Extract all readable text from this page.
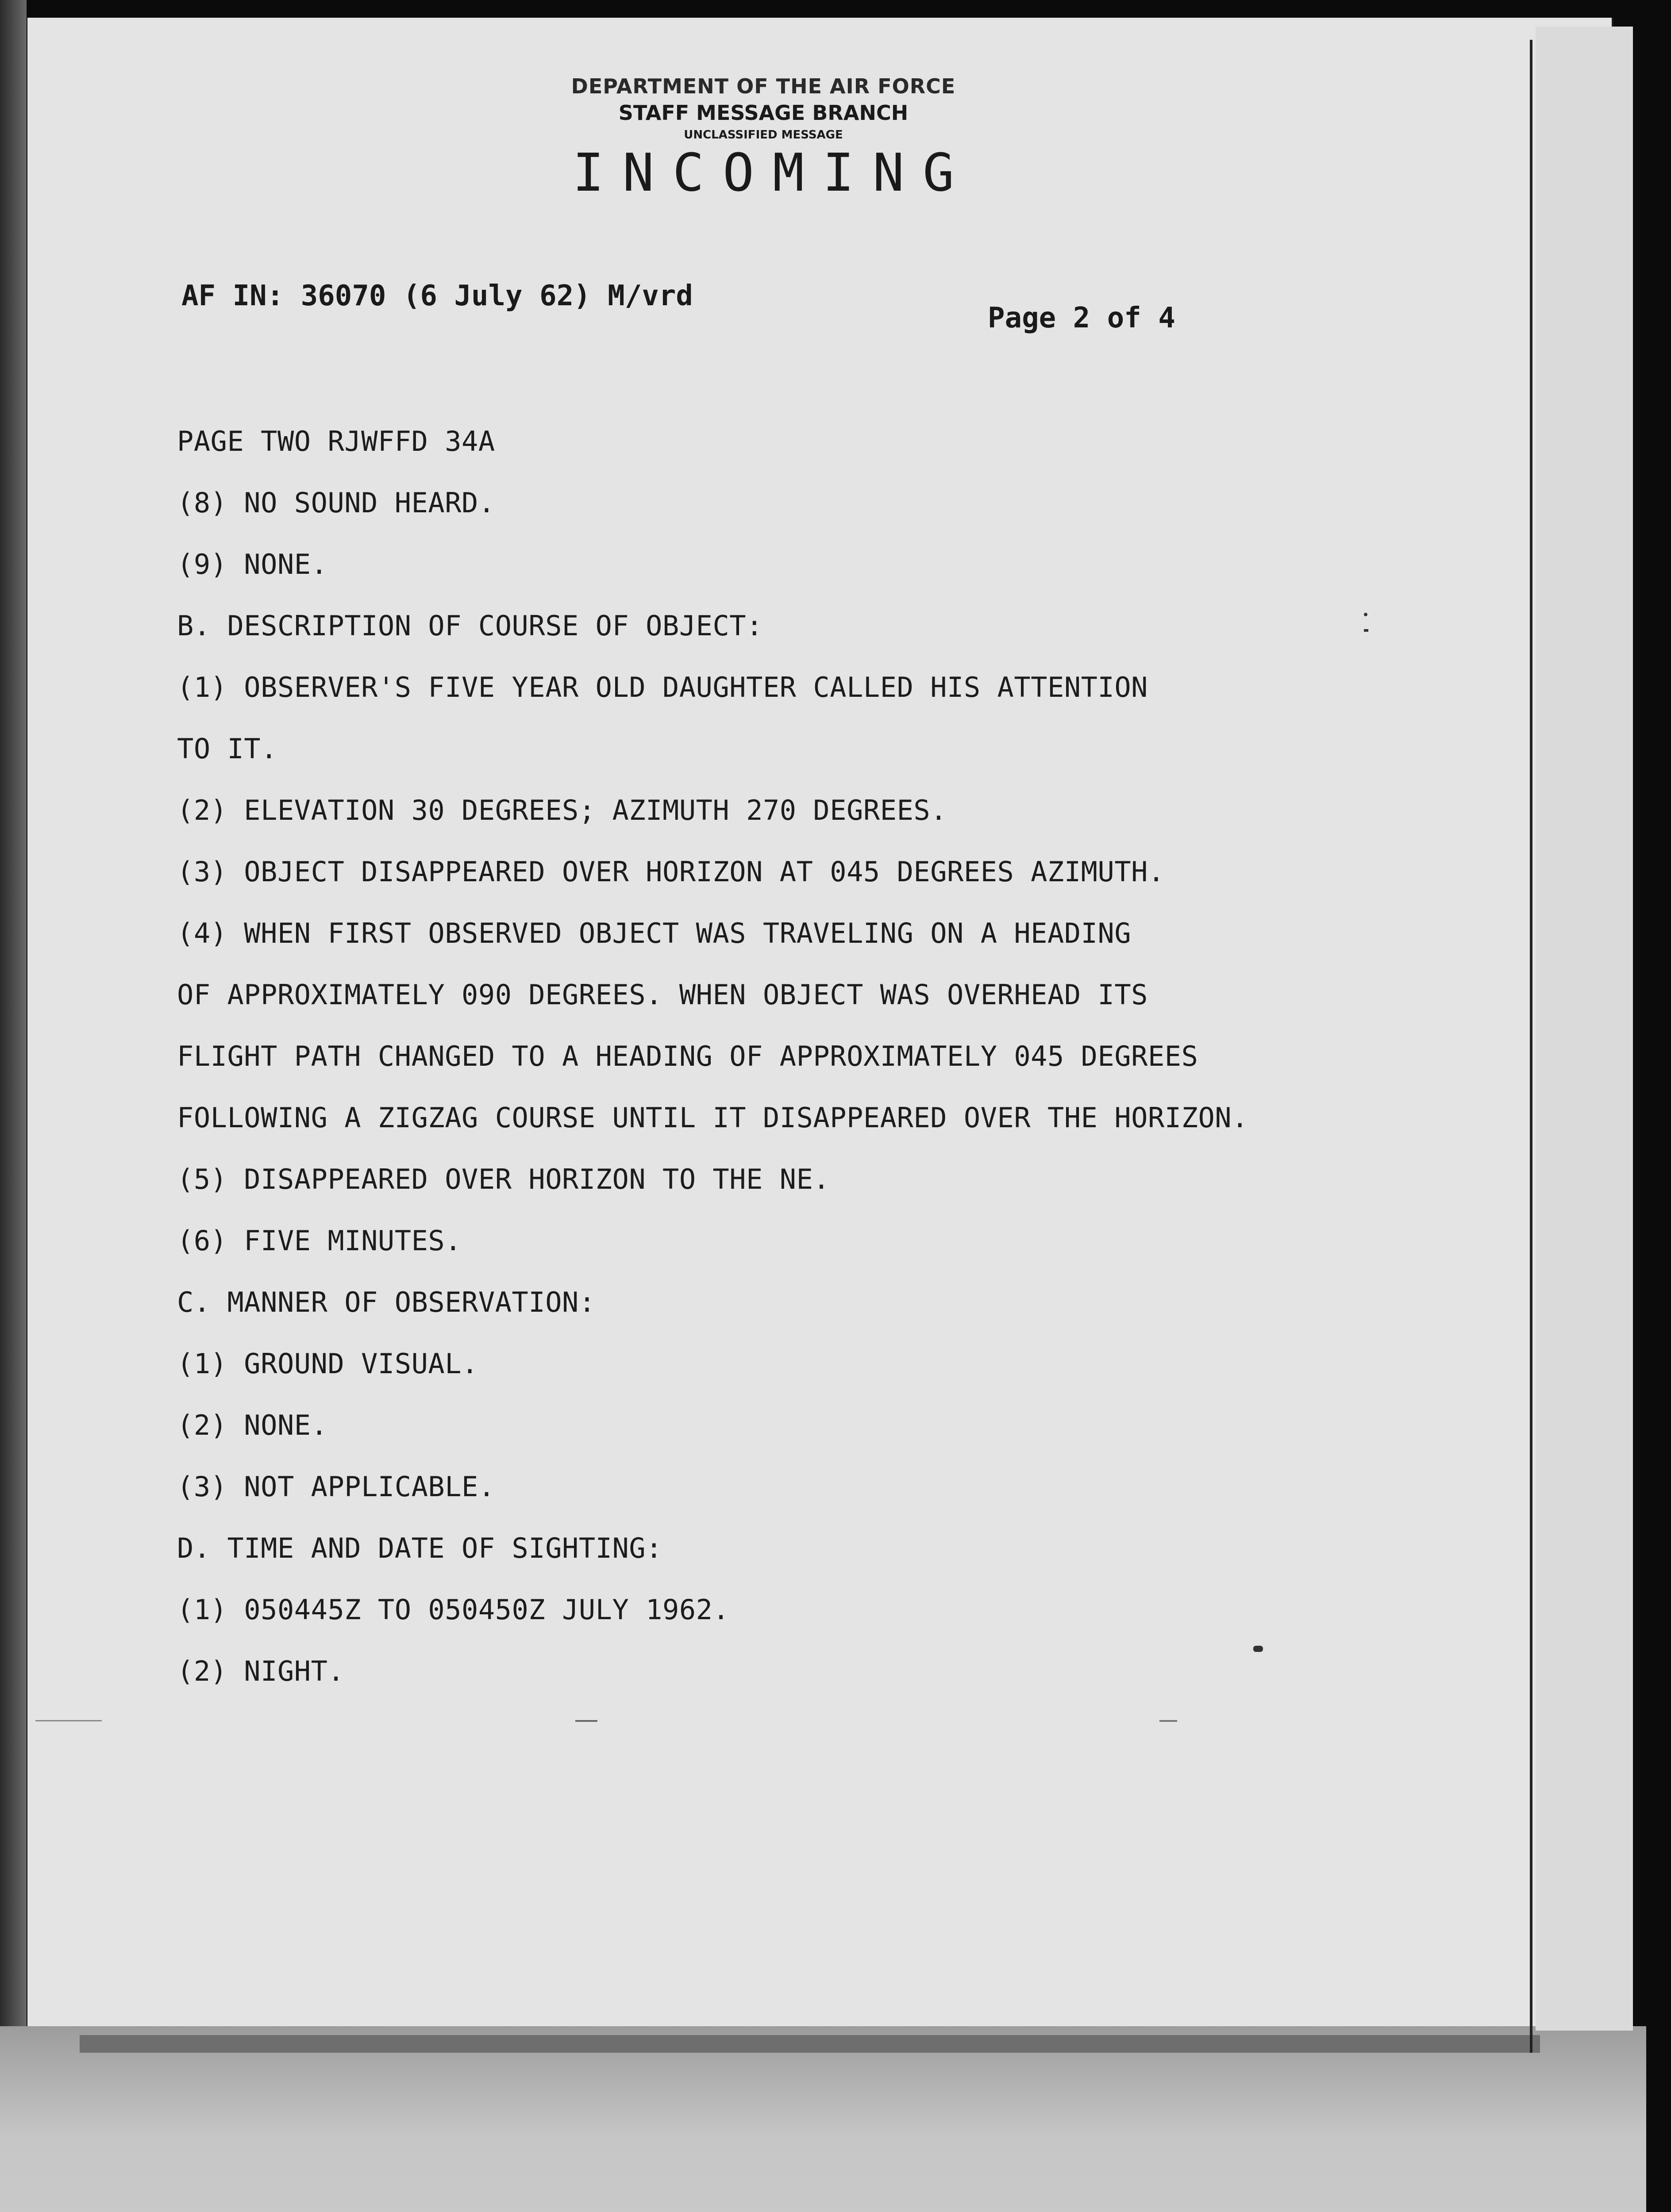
DEPARTMENT OF THE AIR FORCE
STAFF MESSAGE BRANCH
UNCLASSIFIED MESSAGE
INCOMING
AF IN: 36070 (6 July 62) M/vrd
Page 2 of 4
PAGE TWO RJWFFD 34A
(8) NO SOUND HEARD.
(9) NONE.
B. DESCRIPTION OF COURSE OF OBJECT:
(1) OBSERVER'S FIVE YEAR OLD DAUGHTER CALLED HIS ATTENTION
TO IT.
(2) ELEVATION 30 DEGREES; AZIMUTH 270 DEGREES.
(3) OBJECT DISAPPEARED OVER HORIZON AT 045 DEGREES AZIMUTH.
(4) WHEN FIRST OBSERVED OBJECT WAS TRAVELING ON A HEADING
OF APPROXIMATELY 090 DEGREES. WHEN OBJECT WAS OVERHEAD ITS
FLIGHT PATH CHANGED TO A HEADING OF APPROXIMATELY 045 DEGREES
FOLLOWING A ZIGZAG COURSE UNTIL IT DISAPPEARED OVER THE HORIZON.
(5) DISAPPEARED OVER HORIZON TO THE NE.
(6) FIVE MINUTES.
C. MANNER OF OBSERVATION:
(1) GROUND VISUAL.
(2) NONE.
(3) NOT APPLICABLE.
D. TIME AND DATE OF SIGHTING:
(1) 050445Z TO 050450Z JULY 1962.
(2) NIGHT.
